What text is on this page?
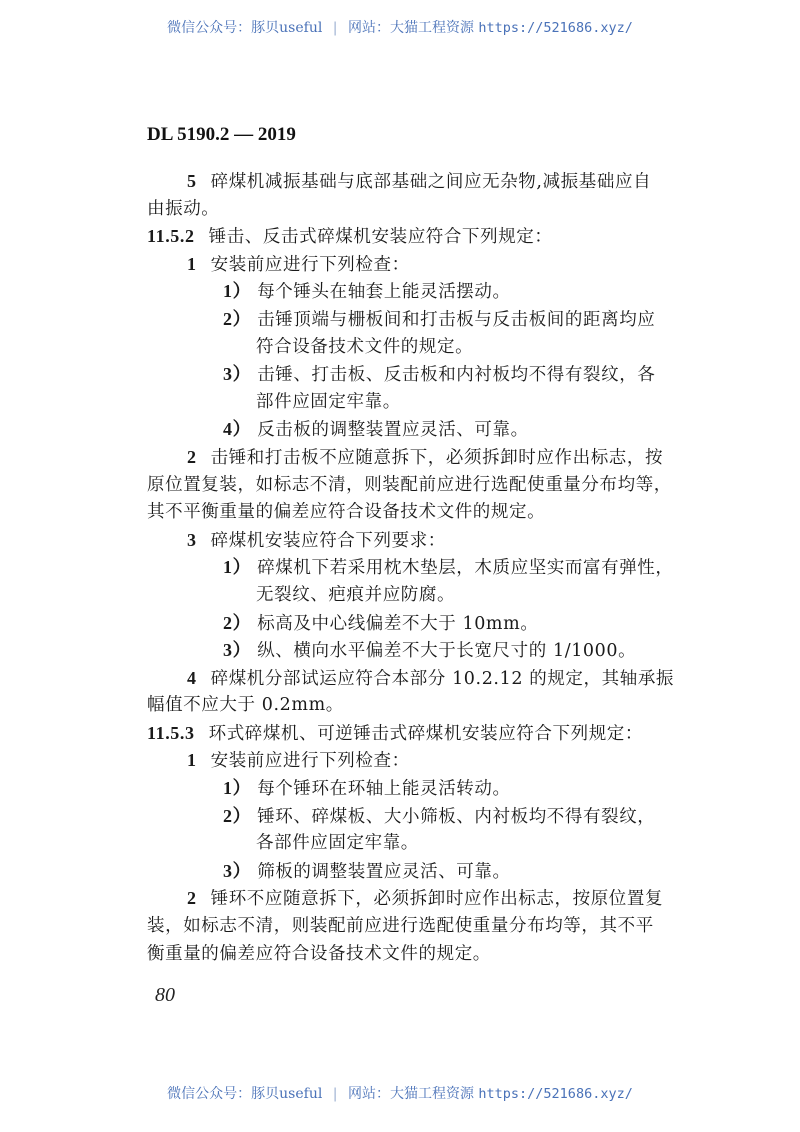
微信公众号：豚贝useful | 网站：大猫工程资源 https://521686.xyz/
DL 5190.2 — 2019
5 碎煤机减振基础与底部基础之间应无杂物,减振基础应自
由振动。
11.5.2 锤击、反击式碎煤机安装应符合下列规定：
1 安装前应进行下列检查：
1） 每个锤头在轴套上能灵活摆动。
2） 击锤顶端与栅板间和打击板与反击板间的距离均应
符合设备技术文件的规定。
3） 击锤、打击板、反击板和内衬板均不得有裂纹，各
部件应固定牢靠。
4） 反击板的调整装置应灵活、可靠。
2 击锤和打击板不应随意拆下，必须拆卸时应作出标志，按
原位置复装，如标志不清，则装配前应进行选配使重量分布均等，
其不平衡重量的偏差应符合设备技术文件的规定。
3 碎煤机安装应符合下列要求：
1） 碎煤机下若采用枕木垫层，木质应坚实而富有弹性，
无裂纹、疤痕并应防腐。
2） 标高及中心线偏差不大于 10mm。
3） 纵、横向水平偏差不大于长宽尺寸的 1/1000。
4 碎煤机分部试运应符合本部分 10.2.12 的规定，其轴承振
幅值不应大于 0.2mm。
11.5.3 环式碎煤机、可逆锤击式碎煤机安装应符合下列规定：
1 安装前应进行下列检查：
1） 每个锤环在环轴上能灵活转动。
2） 锤环、碎煤板、大小筛板、内衬板均不得有裂纹，
各部件应固定牢靠。
3） 筛板的调整装置应灵活、可靠。
2 锤环不应随意拆下，必须拆卸时应作出标志，按原位置复
装，如标志不清，则装配前应进行选配使重量分布均等，其不平
衡重量的偏差应符合设备技术文件的规定。
80
微信公众号：豚贝useful | 网站：大猫工程资源 https://521686.xyz/
